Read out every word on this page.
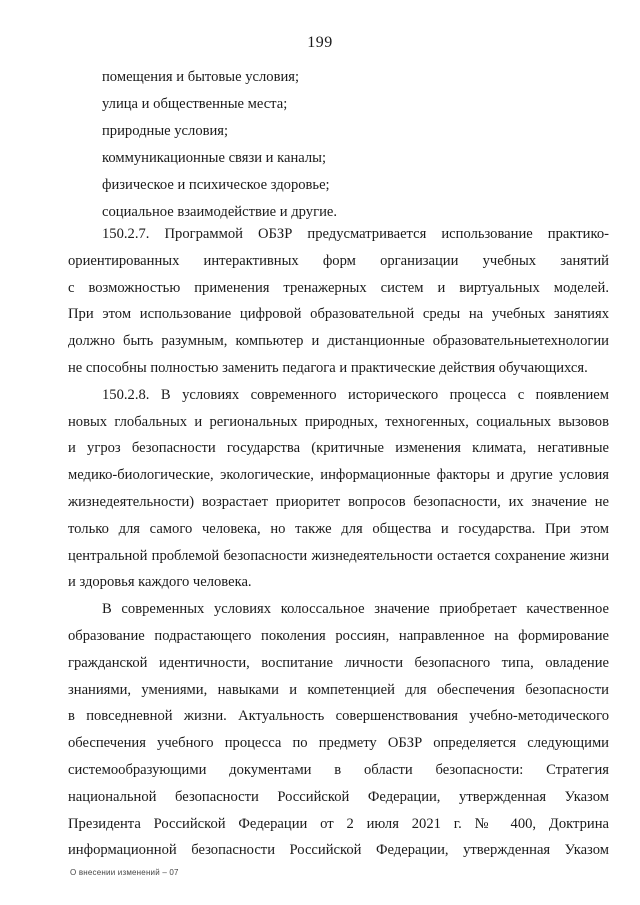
199
помещения и бытовые условия;
улица и общественные места;
природные условия;
коммуникационные связи и каналы;
физическое и психическое здоровье;
социальное взаимодействие и другие.
150.2.7. Программой ОБЗР предусматривается использование практико-
ориентированных интерактивных форм организации учебных занятий
с возможностью применения тренажерных систем и виртуальных моделей.
При этом использование цифровой образовательной среды на учебных занятиях
должно быть разумным, компьютер и дистанционные образовательныетехнологии
не способны полностью заменить педагога и практические действия обучающихся.
150.2.8. В условиях современного исторического процесса с появлением
новых глобальных и региональных природных, техногенных, социальных вызовов
и угроз безопасности государства (критичные изменения климата, негативные
медико-биологические, экологические, информационные факторы и другие условия
жизнедеятельности) возрастает приоритет вопросов безопасности, их значение не
только для самого человека, но также для общества и государства. При этом
центральной проблемой безопасности жизнедеятельности остается сохранение жизни
и здоровья каждого человека.
В современных условиях колоссальное значение приобретает качественное
образование подрастающего поколения россиян, направленное на формирование
гражданской идентичности, воспитание личности безопасного типа, овладение
знаниями, умениями, навыками и компетенцией для обеспечения безопасности
в повседневной жизни. Актуальность совершенствования учебно-методического
обеспечения учебного процесса по предмету ОБЗР определяется следующими
системообразующими документами в области безопасности: Стратегия
национальной безопасности Российской Федерации, утвержденная Указом
Президента Российской Федерации от 2 июля 2021 г. № 400, Доктрина
информационной безопасности Российской Федерации, утвержденная Указом
О внесении изменений – 07
